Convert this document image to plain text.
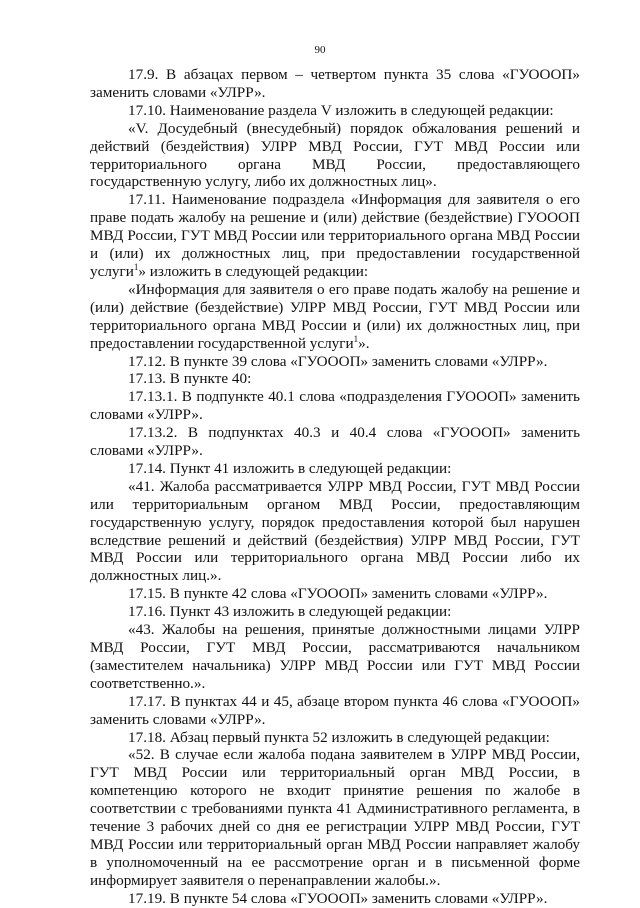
90

17.9. В абзацах первом – четвертом пункта 35 слова «ГУОООП» заменить словами «УЛРР».

17.10. Наименование раздела V изложить в следующей редакции:

«V. Досудебный (внесудебный) порядок обжалования решений и действий (бездействия) УЛРР МВД России, ГУТ МВД России или территориального органа МВД России, предоставляющего государственную услугу, либо их должностных лиц».

17.11. Наименование подраздела «Информация для заявителя о его праве подать жалобу на решение и (или) действие (бездействие) ГУОООП МВД России, ГУТ МВД России или территориального органа МВД России и (или) их должностных лиц, при предоставлении государственной услуги$^1$» изложить в следующей редакции:

«Информация для заявителя о его праве подать жалобу на решение и (или) действие (бездействие) УЛРР МВД России, ГУТ МВД России или территориального органа МВД России и (или) их должностных лиц, при предоставлении государственной услуги$^1$».

17.12. В пункте 39 слова «ГУОООП» заменить словами «УЛРР».

17.13. В пункте 40:

17.13.1. В подпункте 40.1 слова «подразделения ГУОООП» заменить словами «УЛРР».

17.13.2. В подпунктах 40.3 и 40.4 слова «ГУОООП» заменить словами «УЛРР».

17.14. Пункт 41 изложить в следующей редакции:

«41. Жалоба рассматривается УЛРР МВД России, ГУТ МВД России или территориальным органом МВД России, предоставляющим государственную услугу, порядок предоставления которой был нарушен вследствие решений и действий (бездействия) УЛРР МВД России, ГУТ МВД России или территориального органа МВД России либо их должностных лиц.».

17.15. В пункте 42 слова «ГУОООП» заменить словами «УЛРР».

17.16. Пункт 43 изложить в следующей редакции:

«43. Жалобы на решения, принятые должностными лицами УЛРР МВД России, ГУТ МВД России, рассматриваются начальником (заместителем начальника) УЛРР МВД России или ГУТ МВД России соответственно.».

17.17. В пунктах 44 и 45, абзаце втором пункта 46 слова «ГУОООП» заменить словами «УЛРР».

17.18. Абзац первый пункта 52 изложить в следующей редакции:

«52. В случае если жалоба подана заявителем в УЛРР МВД России, ГУТ МВД России или территориальный орган МВД России, в компетенцию которого не входит принятие решения по жалобе в соответствии с требованиями пункта 41 Административного регламента, в течение 3 рабочих дней со дня ее регистрации УЛРР МВД России, ГУТ МВД России или территориальный орган МВД России направляет жалобу в уполномоченный на ее рассмотрение орган и в письменной форме информирует заявителя о перенаправлении жалобы.».

17.19. В пункте 54 слова «ГУОООП» заменить словами «УЛРР».
